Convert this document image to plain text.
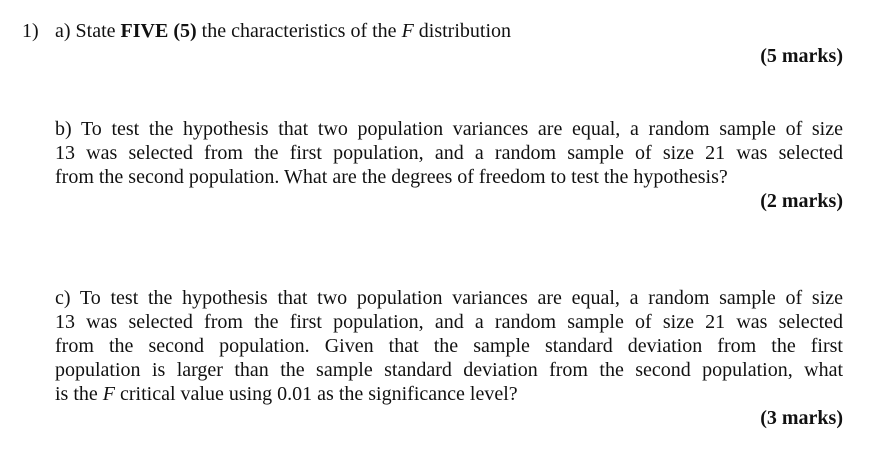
1) a) State FIVE (5) the characteristics of the F distribution
(5 marks)
b) To test the hypothesis that two population variances are equal, a random sample of size
13 was selected from the first population, and a random sample of size 21 was selected
from the second population. What are the degrees of freedom to test the hypothesis?
(2 marks)
c) To test the hypothesis that two population variances are equal, a random sample of size
13 was selected from the first population, and a random sample of size 21 was selected
from the second population. Given that the sample standard deviation from the first
population is larger than the sample standard deviation from the second population, what
is the F critical value using 0.01 as the significance level?
(3 marks)
